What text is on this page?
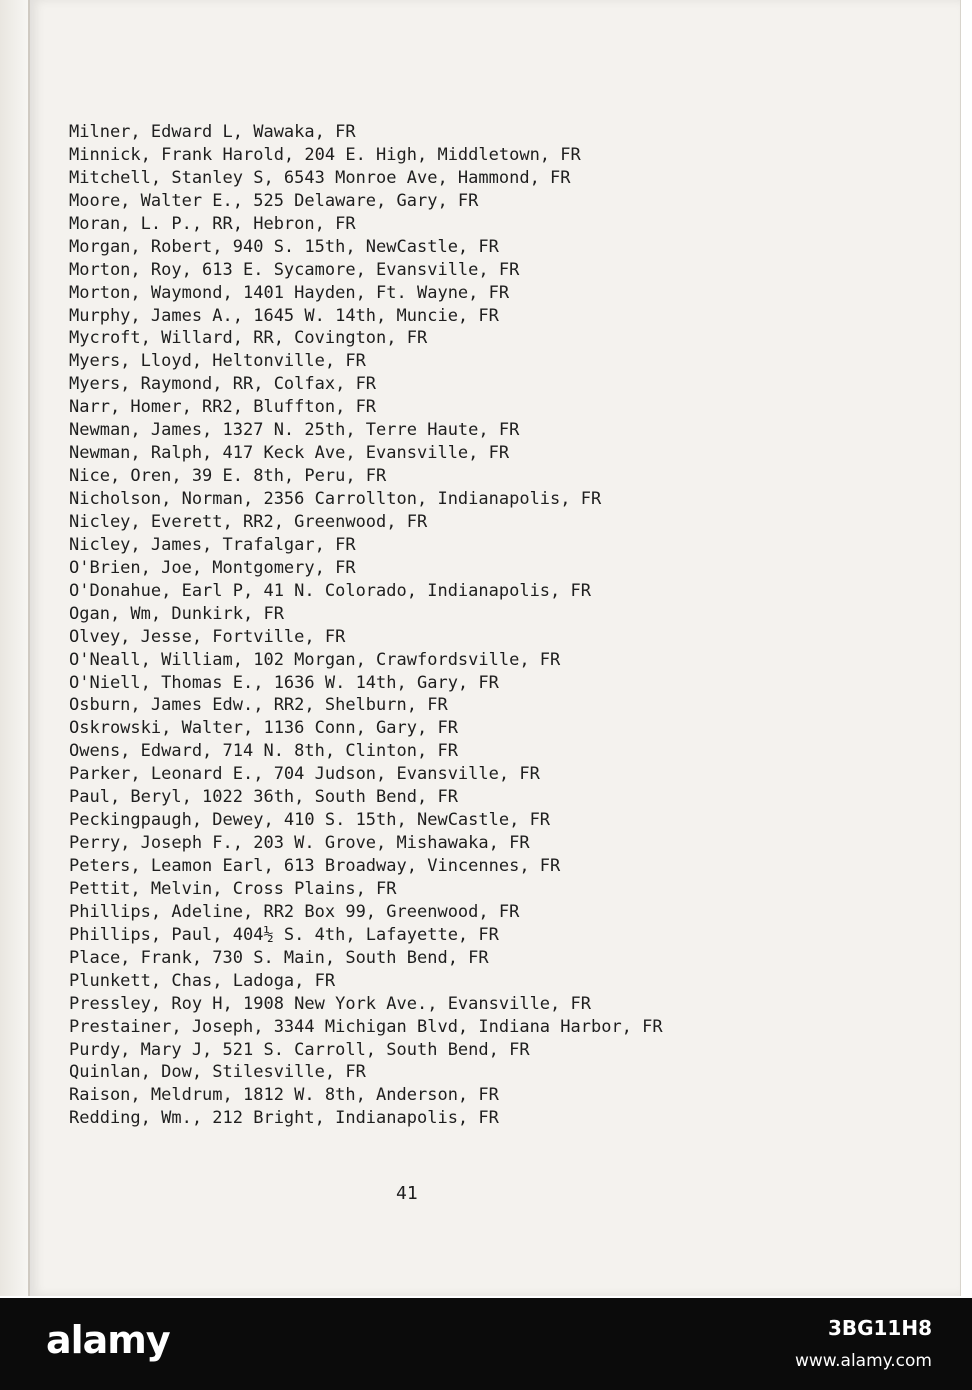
Milner, Edward L, Wawaka, FR
Minnick, Frank Harold, 204 E. High, Middletown, FR
Mitchell, Stanley S, 6543 Monroe Ave, Hammond, FR
Moore, Walter E., 525 Delaware, Gary, FR
Moran, L. P., RR, Hebron, FR
Morgan, Robert, 940 S. 15th, NewCastle, FR
Morton, Roy, 613 E. Sycamore, Evansville, FR
Morton, Waymond, 1401 Hayden, Ft. Wayne, FR
Murphy, James A., 1645 W. 14th, Muncie, FR
Mycroft, Willard, RR, Covington, FR
Myers, Lloyd, Heltonville, FR
Myers, Raymond, RR, Colfax, FR
Narr, Homer, RR2, Bluffton, FR
Newman, James, 1327 N. 25th, Terre Haute, FR
Newman, Ralph, 417 Keck Ave, Evansville, FR
Nice, Oren, 39 E. 8th, Peru, FR
Nicholson, Norman, 2356 Carrollton, Indianapolis, FR
Nicley, Everett, RR2, Greenwood, FR
Nicley, James, Trafalgar, FR
O'Brien, Joe, Montgomery, FR
O'Donahue, Earl P, 41 N. Colorado, Indianapolis, FR
Ogan, Wm, Dunkirk, FR
Olvey, Jesse, Fortville, FR
O'Neall, William, 102 Morgan, Crawfordsville, FR
O'Niell, Thomas E., 1636 W. 14th, Gary, FR
Osburn, James Edw., RR2, Shelburn, FR
Oskrowski, Walter, 1136 Conn, Gary, FR
Owens, Edward, 714 N. 8th, Clinton, FR
Parker, Leonard E., 704 Judson, Evansville, FR
Paul, Beryl, 1022 36th, South Bend, FR
Peckingpaugh, Dewey, 410 S. 15th, NewCastle, FR
Perry, Joseph F., 203 W. Grove, Mishawaka, FR
Peters, Leamon Earl, 613 Broadway, Vincennes, FR
Pettit, Melvin, Cross Plains, FR
Phillips, Adeline, RR2 Box 99, Greenwood, FR
Phillips, Paul, 404½ S. 4th, Lafayette, FR
Place, Frank, 730 S. Main, South Bend, FR
Plunkett, Chas, Ladoga, FR
Pressley, Roy H, 1908 New York Ave., Evansville, FR
Prestainer, Joseph, 3344 Michigan Blvd, Indiana Harbor, FR
Purdy, Mary J, 521 S. Carroll, South Bend, FR
Quinlan, Dow, Stilesville, FR
Raison, Meldrum, 1812 W. 8th, Anderson, FR
Redding, Wm., 212 Bright, Indianapolis, FR
41
alamy	3BG11H8
www.alamy.com
